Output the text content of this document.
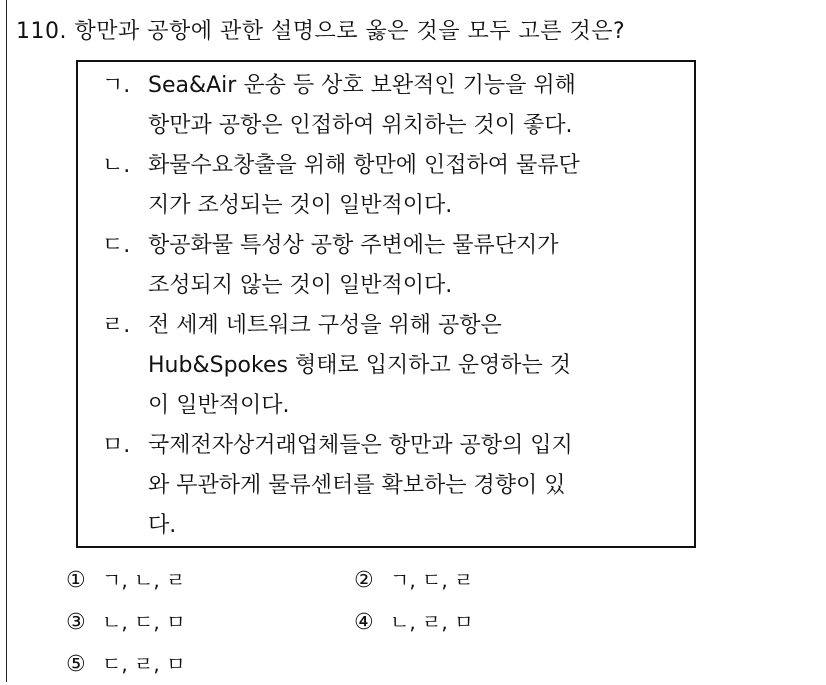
110. 항만과 공항에 관한 설명으로 옳은 것을 모두 고른 것은?
ㄱ. Sea&Air 운송 등 상호 보완적인 기능을 위해
항만과 공항은 인접하여 위치하는 것이 좋다.
ㄴ. 화물수요창출을 위해 항만에 인접하여 물류단
지가 조성되는 것이 일반적이다.
ㄷ. 항공화물 특성상 공항 주변에는 물류단지가
조성되지 않는 것이 일반적이다.
ㄹ. 전 세계 네트워크 구성을 위해 공항은
Hub&Spokes 형태로 입지하고 운영하는 것
이 일반적이다.
ㅁ. 국제전자상거래업체들은 항만과 공항의 입지
와 무관하게 물류센터를 확보하는 경향이 있
다.
① ㄱ, ㄴ, ㄹ	② ㄱ, ㄷ, ㄹ
③ ㄴ, ㄷ, ㅁ	④ ㄴ, ㄹ, ㅁ
⑤ ㄷ, ㄹ, ㅁ
